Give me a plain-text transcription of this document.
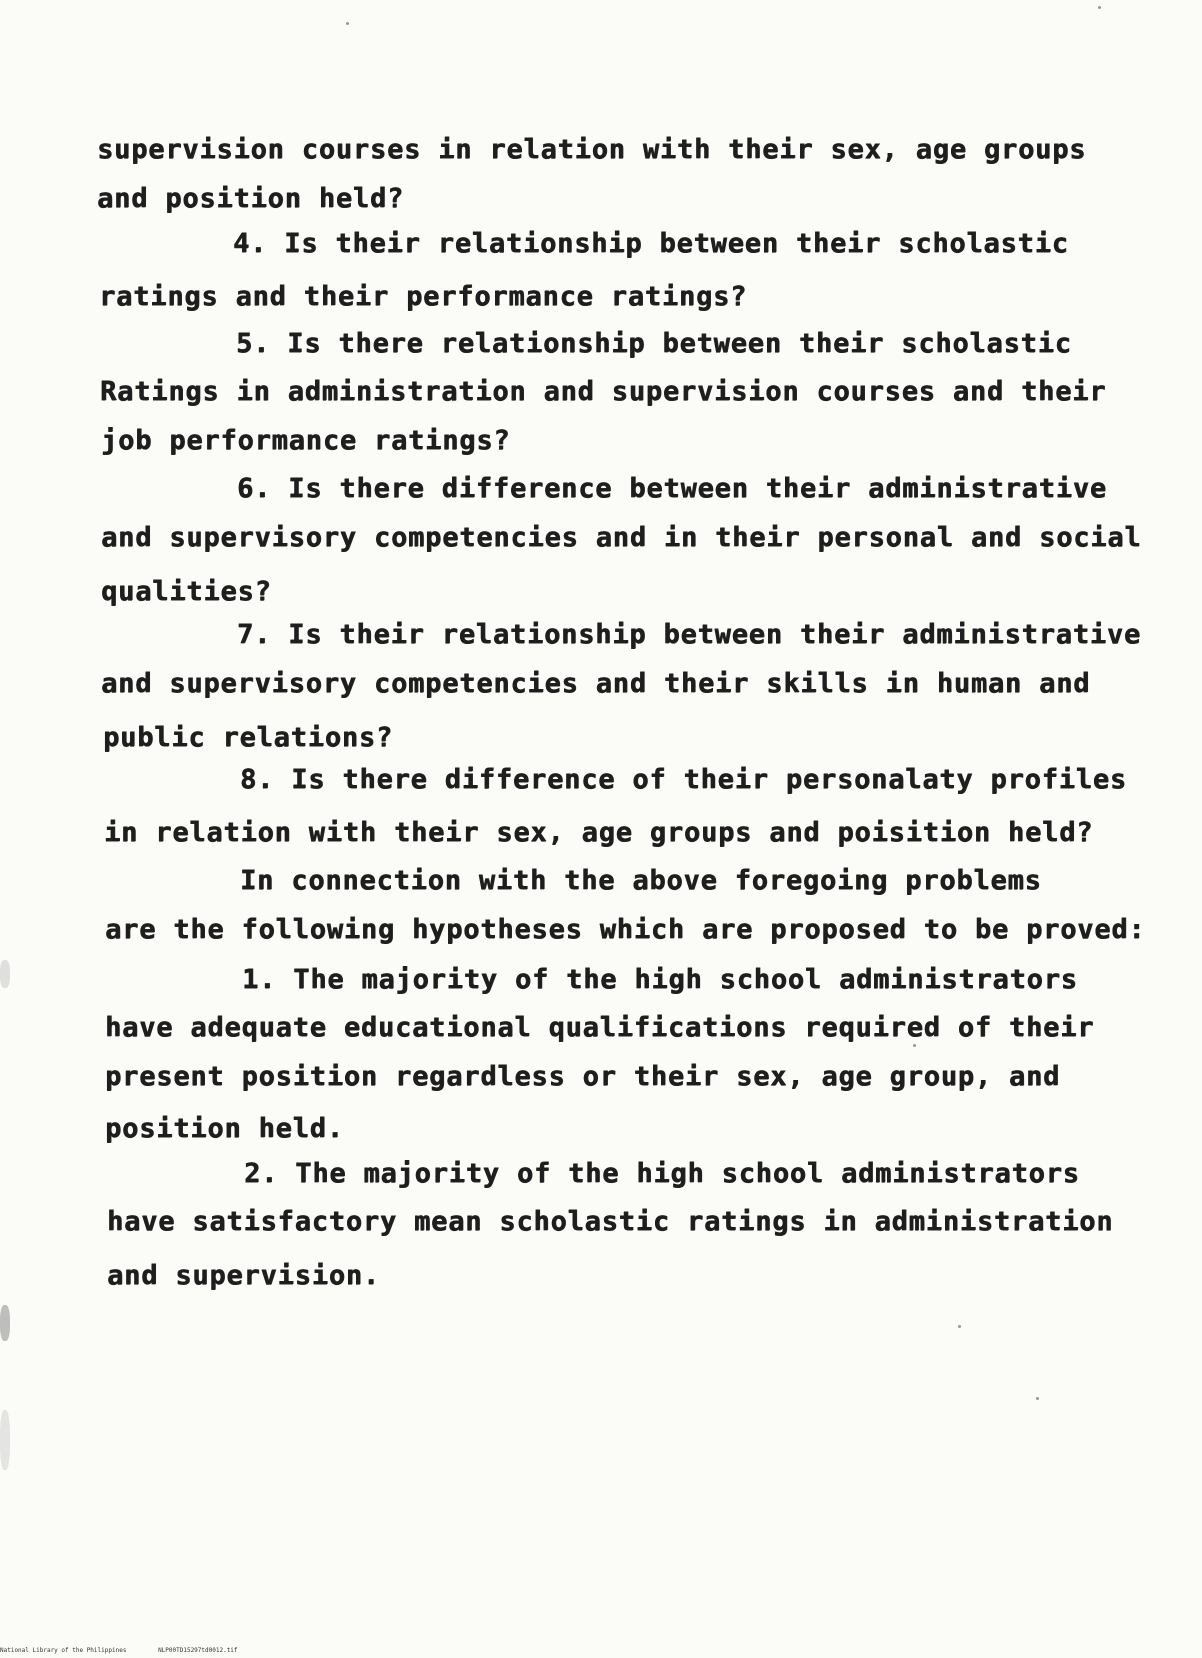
supervision courses in relation with their sex, age groups
and position held?
4. Is their relationship between their scholastic
ratings and their performance ratings?
5. Is there relationship between their scholastic
Ratings in administration and supervision courses and their
job performance ratings?
6. Is there difference between their administrative
and supervisory competencies and in their personal and social
qualities?
7. Is their relationship between their administrative
and supervisory competencies and their skills in human and
public relations?
8. Is there difference of their personalaty profiles
in relation with their sex, age groups and poisition held?
In connection with the above foregoing problems
are the following hypotheses which are proposed to be proved:
1. The majority of the high school administrators
have adequate educational qualifications required of their
present position regardless or their sex, age group, and
position held.
2. The majority of the high school administrators
have satisfactory mean scholastic ratings in administration
and supervision.
National Library of the Philippines	NLP00TD15297td0012.tif
